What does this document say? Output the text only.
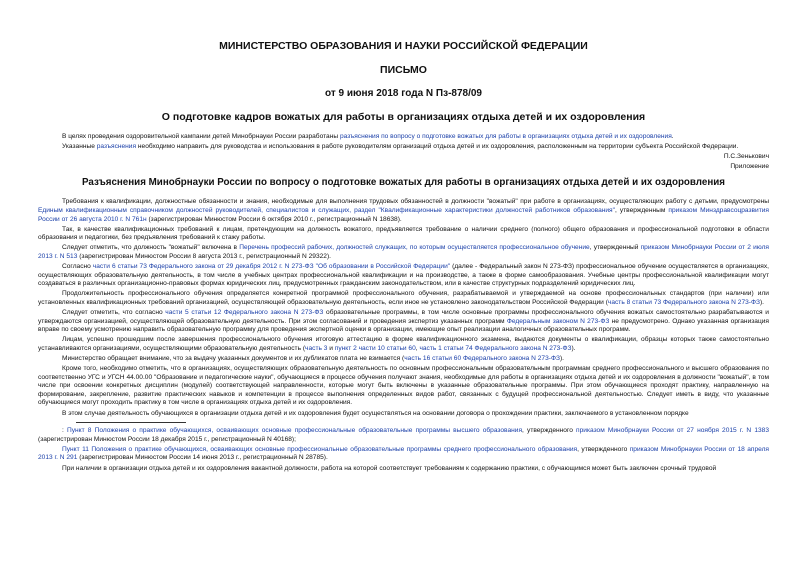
МИНИСТЕРСТВО ОБРАЗОВАНИЯ И НАУКИ РОССИЙСКОЙ ФЕДЕРАЦИИ
ПИСЬМО
от 9 июня 2018 года N Пз-878/09
О подготовке кадров вожатых для работы в организациях отдыха детей и их оздоровления

В целях проведения оздоровительной кампании детей Минобрнауки России разработаны разъяснения по вопросу о подготовке вожатых для работы в организациях отдыха детей и их оздоровления.

Указанные разъяснения необходимо направить для руководства и использования в работе руководителям организаций отдыха детей и их оздоровления, расположенным на территории субъекта Российской Федерации.

П.С.Зенькович
Приложение
Разъяснения Минобрнауки России по вопросу о подготовке вожатых для работы в организациях отдыха детей и их оздоровления

Требования к квалификации, должностные обязанности и знания, необходимые для выполнения трудовых обязанностей в должности "вожатый" при работе в организациях, осуществляющих работу с детьми, предусмотрены Единым квалификационным справочником должностей руководителей, специалистов и служащих, раздел "Квалификационные характеристики должностей работников образования", утвержденным приказом Минздравсоцразвития России от 26 августа 2010 г. N 761н (зарегистрирован Минюстом России 6 октября 2010 г., регистрационный N 18638).

Так, в качестве квалификационных требований к лицам, претендующим на должность вожатого, предъявляется требование о наличии среднего (полного) общего образования и профессиональной подготовки в области образования и педагогики, без предъявления требований к стажу работы.

Следует отметить, что должность "вожатый" включена в Перечень профессий рабочих, должностей служащих, по которым осуществляется профессиональное обучение, утвержденный приказом Минобрнауки России от 2 июля 2013 г. N 513 (зарегистрирован Минюстом России 8 августа 2013 г., регистрационный N 29322).

Согласно части 6 статьи 73 Федерального закона от 29 декабря 2012 г. N 273-ФЗ "Об образовании в Российской Федерации" (далее - Федеральный закон N 273-ФЗ) профессиональное обучение осуществляется в организациях, осуществляющих образовательную деятельность, в том числе в учебных центрах профессиональной квалификации и на производстве, а также в форме самообразования. Учебные центры профессиональной квалификации могут создаваться в различных организационно-правовых формах юридических лиц, предусмотренных гражданским законодательством, или в качестве структурных подразделений юридических лиц.

Продолжительность профессионального обучения определяется конкретной программой профессионального обучения, разрабатываемой и утверждаемой на основе профессиональных стандартов (при наличии) или установленных квалификационных требований организацией, осуществляющей образовательную деятельность, если иное не установлено законодательством Российской Федерации (часть 8 статьи 73 Федерального закона N 273-ФЗ).

Следует отметить, что согласно части 5 статьи 12 Федерального закона N 273-ФЗ образовательные программы, в том числе основные программы профессионального обучения вожатых самостоятельно разрабатываются и утверждаются организацией, осуществляющей образовательную деятельность. При этом согласований и проведения экспертиз указанных программ Федеральным законом N 273-ФЗ не предусмотрено. Однако указанная организация вправе по своему усмотрению направить образовательную программу для проведения экспертной оценки в организации, имеющие опыт реализации аналогичных образовательных программ.

Лицам, успешно прошедшим после завершения профессионального обучения итоговую аттестацию в форме квалификационного экзамена, выдаются документы о квалификации, образцы которых также самостоятельно устанавливаются организациями, осуществляющими образовательную деятельность (часть 3 и пункт 2 части 10 статьи 60, часть 1 статьи 74 Федерального закона N 273-ФЗ).

Министерство обращает внимание, что за выдачу указанных документов и их дубликатов плата не взимается (часть 16 статьи 60 Федерального закона N 273-ФЗ).

Кроме того, необходимо отметить, что в организациях, осуществляющих образовательную деятельность по основным профессиональным образовательным программам среднего профессионального и высшего образования по соответственно УГС и УГСН 44.00.00 "Образование и педагогические науки", обучающиеся в процессе обучения получают знания, необходимые для работы в организациях отдыха детей и их оздоровления в должности "вожатый", в том числе при освоении конкретных дисциплин (модулей) соответствующей направленности, которые могут быть включены в указанные образовательные программы. При этом обучающиеся проходят практику, направленную на формирование, закрепление, развитие практических навыков и компетенции в процессе выполнения определенных видов работ, связанных с будущей профессиональной деятельностью. Следует иметь в виду, что указанные обучающиеся могут проходить практику в том числе в организациях отдыха детей и их оздоровления.

В этом случае деятельность обучающихся в организации отдыха детей и их оздоровления будет осуществляться на основании договора о прохождении практики, заключаемого в установленном порядке

: Пункт 8 Положения о практике обучающихся, осваивающих основные профессиональные образовательные программы высшего образования, утвержденного приказом Минобрнауки России от 27 ноября 2015 г. N 1383 (зарегистрирован Минюстом России 18 декабря 2015 г., регистрационный N 40168);

Пункт 11 Положения о практике обучающихся, осваивающих основные профессиональные образовательные программы среднего профессионального образования, утвержденного приказом Минобрнауки России от 18 апреля 2013 г. N 291 (зарегистрирован Минюстом России 14 июня 2013 г., регистрационный N 28785).

При наличии в организации отдыха детей и их оздоровления вакантной должности, работа на которой соответствует требованиям к содержанию практики, с обучающимся может быть заключен срочный трудовой
